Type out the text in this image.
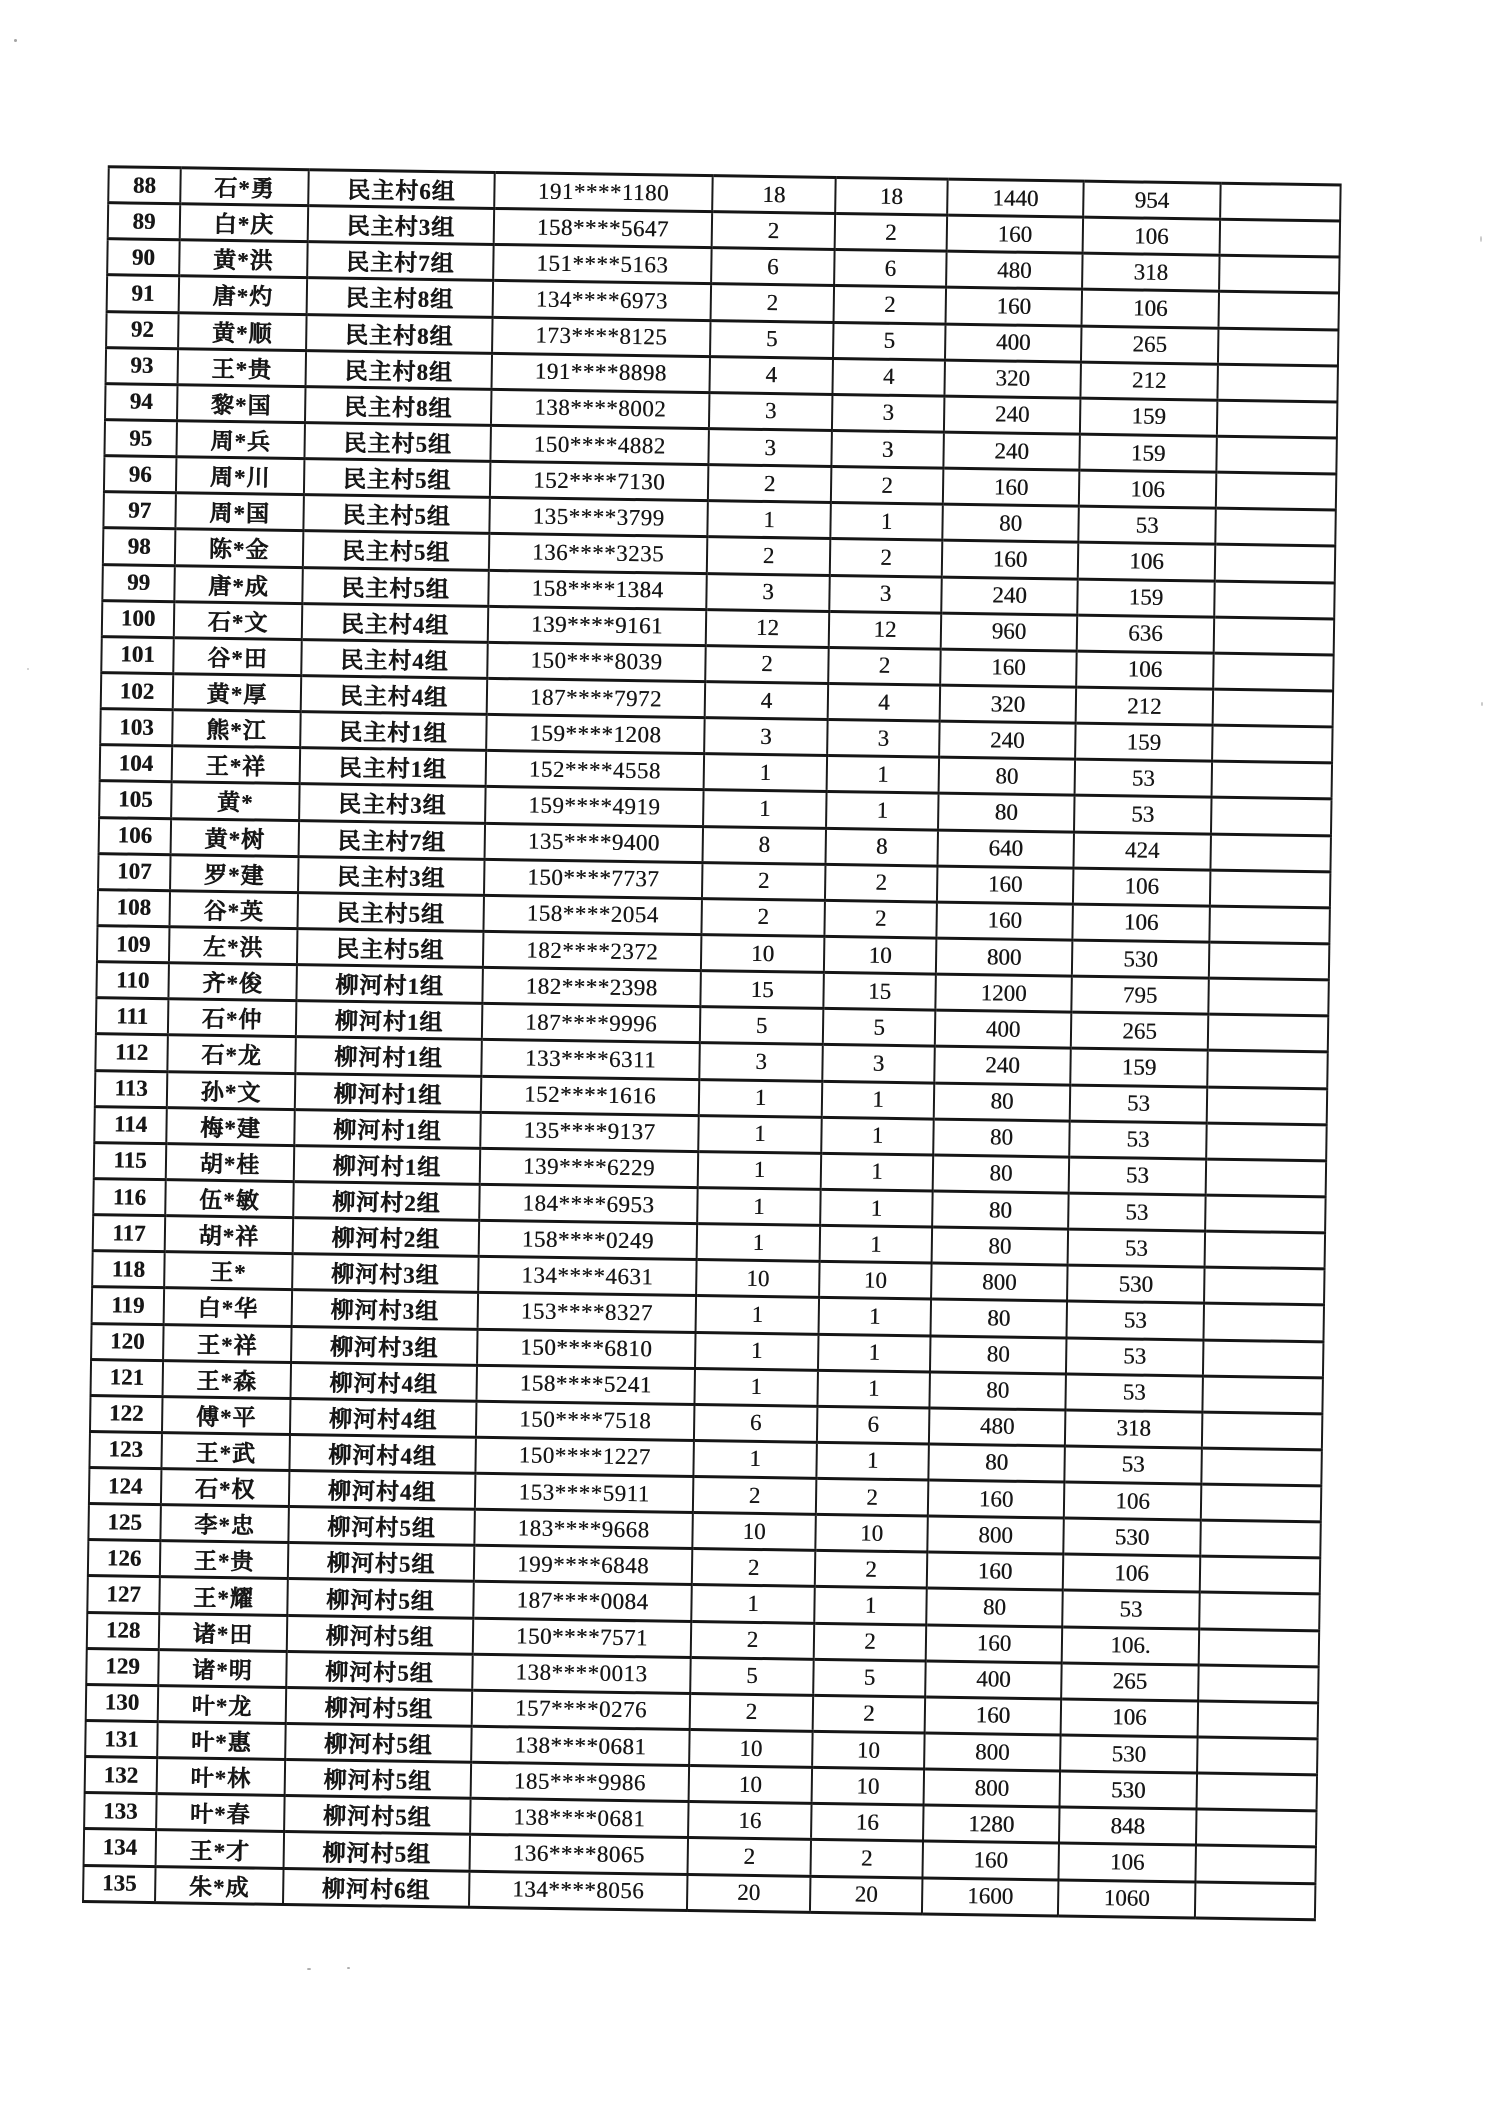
88	石*勇	民主村6组	191****1180	18	18	1440	954	
89	白*庆	民主村3组	158****5647	2	2	160	106	
90	黄*洪	民主村7组	151****5163	6	6	480	318	
91	唐*灼	民主村8组	134****6973	2	2	160	106	
92	黄*顺	民主村8组	173****8125	5	5	400	265	
93	王*贵	民主村8组	191****8898	4	4	320	212	
94	黎*国	民主村8组	138****8002	3	3	240	159	
95	周*兵	民主村5组	150****4882	3	3	240	159	
96	周*川	民主村5组	152****7130	2	2	160	106	
97	周*国	民主村5组	135****3799	1	1	80	53	
98	陈*金	民主村5组	136****3235	2	2	160	106	
99	唐*成	民主村5组	158****1384	3	3	240	159	
100	石*文	民主村4组	139****9161	12	12	960	636	
101	谷*田	民主村4组	150****8039	2	2	160	106	
102	黄*厚	民主村4组	187****7972	4	4	320	212	
103	熊*江	民主村1组	159****1208	3	3	240	159	
104	王*祥	民主村1组	152****4558	1	1	80	53	
105	黄*	民主村3组	159****4919	1	1	80	53	
106	黄*树	民主村7组	135****9400	8	8	640	424	
107	罗*建	民主村3组	150****7737	2	2	160	106	
108	谷*英	民主村5组	158****2054	2	2	160	106	
109	左*洪	民主村5组	182****2372	10	10	800	530	
110	齐*俊	柳河村1组	182****2398	15	15	1200	795	
111	石*仲	柳河村1组	187****9996	5	5	400	265	
112	石*龙	柳河村1组	133****6311	3	3	240	159	
113	孙*文	柳河村1组	152****1616	1	1	80	53	
114	梅*建	柳河村1组	135****9137	1	1	80	53	
115	胡*桂	柳河村1组	139****6229	1	1	80	53	
116	伍*敏	柳河村2组	184****6953	1	1	80	53	
117	胡*祥	柳河村2组	158****0249	1	1	80	53	
118	王*	柳河村3组	134****4631	10	10	800	530	
119	白*华	柳河村3组	153****8327	1	1	80	53	
120	王*祥	柳河村3组	150****6810	1	1	80	53	
121	王*森	柳河村4组	158****5241	1	1	80	53	
122	傅*平	柳河村4组	150****7518	6	6	480	318	
123	王*武	柳河村4组	150****1227	1	1	80	53	
124	石*权	柳河村4组	153****5911	2	2	160	106	
125	李*忠	柳河村5组	183****9668	10	10	800	530	
126	王*贵	柳河村5组	199****6848	2	2	160	106	
127	王*耀	柳河村5组	187****0084	1	1	80	53	
128	诸*田	柳河村5组	150****7571	2	2	160	106.	
129	诸*明	柳河村5组	138****0013	5	5	400	265	
130	叶*龙	柳河村5组	157****0276	2	2	160	106	
131	叶*惠	柳河村5组	138****0681	10	10	800	530	
132	叶*林	柳河村5组	185****9986	10	10	800	530	
133	叶*春	柳河村5组	138****0681	16	16	1280	848	
134	王*才	柳河村5组	136****8065	2	2	160	106	
135	朱*成	柳河村6组	134****8056	20	20	1600	1060	
